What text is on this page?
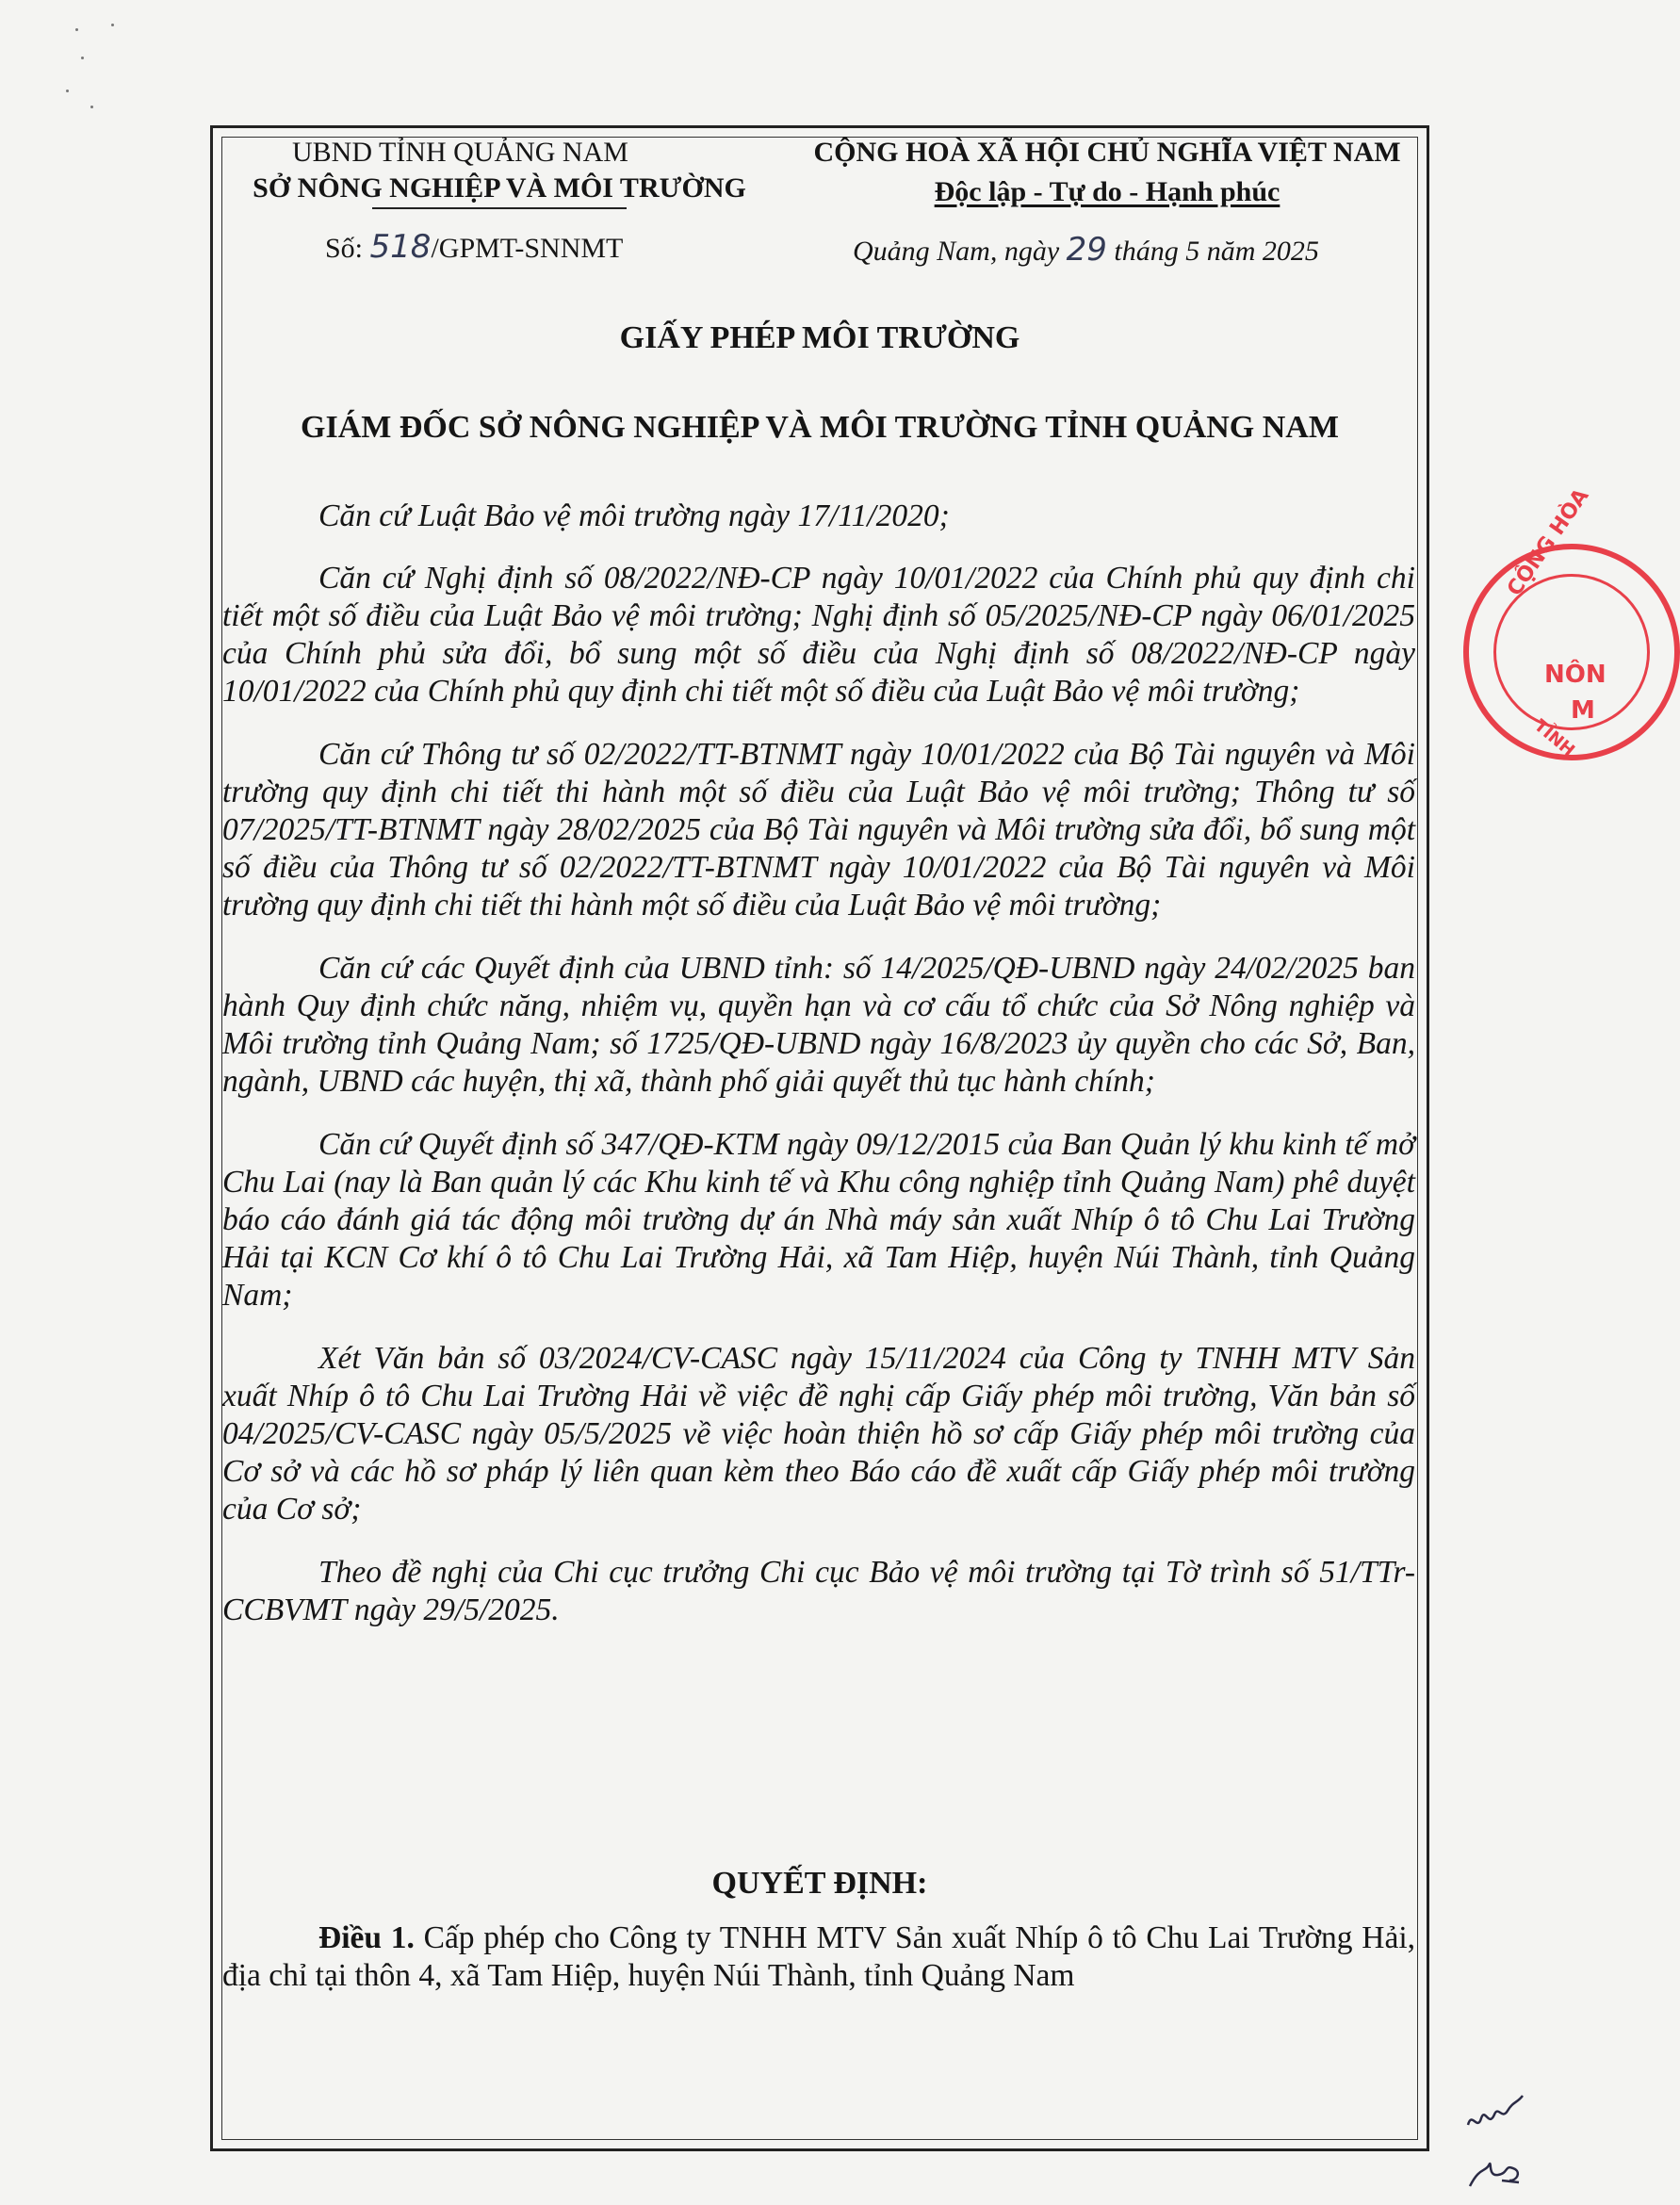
UBND TỈNH QUẢNG NAM
SỞ NÔNG NGHIỆP VÀ MÔI TRƯỜNG
Số: 518/GPMT-SNNMT
CỘNG HOÀ XÃ HỘI CHỦ NGHĨA VIỆT NAM
Độc lập - Tự do - Hạnh phúc
Quảng Nam, ngày 29 tháng 5 năm 2025
GIẤY PHÉP MÔI TRƯỜNG
GIÁM ĐỐC SỞ NÔNG NGHIỆP VÀ MÔI TRƯỜNG TỈNH QUẢNG NAM

Căn cứ Luật Bảo vệ môi trường ngày 17/11/2020;

Căn cứ Nghị định số 08/2022/NĐ-CP ngày 10/01/2022 của Chính phủ quy định chi tiết một số điều của Luật Bảo vệ môi trường; Nghị định số 05/2025/NĐ-CP ngày 06/01/2025 của Chính phủ sửa đổi, bổ sung một số điều của Nghị định số 08/2022/NĐ-CP ngày 10/01/2022 của Chính phủ quy định chi tiết một số điều của Luật Bảo vệ môi trường;

Căn cứ Thông tư số 02/2022/TT-BTNMT ngày 10/01/2022 của Bộ Tài nguyên và Môi trường quy định chi tiết thi hành một số điều của Luật Bảo vệ môi trường; Thông tư số 07/2025/TT-BTNMT ngày 28/02/2025 của Bộ Tài nguyên và Môi trường sửa đổi, bổ sung một số điều của Thông tư số 02/2022/TT-BTNMT ngày 10/01/2022 của Bộ Tài nguyên và Môi trường quy định chi tiết thi hành một số điều của Luật Bảo vệ môi trường;

Căn cứ các Quyết định của UBND tỉnh: số 14/2025/QĐ-UBND ngày 24/02/2025 ban hành Quy định chức năng, nhiệm vụ, quyền hạn và cơ cấu tổ chức của Sở Nông nghiệp và Môi trường tỉnh Quảng Nam; số 1725/QĐ-UBND ngày 16/8/2023 ủy quyền cho các Sở, Ban, ngành, UBND các huyện, thị xã, thành phố giải quyết thủ tục hành chính;

Căn cứ Quyết định số 347/QĐ-KTM ngày 09/12/2015 của Ban Quản lý khu kinh tế mở Chu Lai (nay là Ban quản lý các Khu kinh tế và Khu công nghiệp tỉnh Quảng Nam) phê duyệt báo cáo đánh giá tác động môi trường dự án Nhà máy sản xuất Nhíp ô tô Chu Lai Trường Hải tại KCN Cơ khí ô tô Chu Lai Trường Hải, xã Tam Hiệp, huyện Núi Thành, tỉnh Quảng Nam;

Xét Văn bản số 03/2024/CV-CASC ngày 15/11/2024 của Công ty TNHH MTV Sản xuất Nhíp ô tô Chu Lai Trường Hải về việc đề nghị cấp Giấy phép môi trường, Văn bản số 04/2025/CV-CASC ngày 05/5/2025 về việc hoàn thiện hồ sơ cấp Giấy phép môi trường của Cơ sở và các hồ sơ pháp lý liên quan kèm theo Báo cáo đề xuất cấp Giấy phép môi trường của Cơ sở;

Theo đề nghị của Chi cục trưởng Chi cục Bảo vệ môi trường tại Tờ trình số 51/TTr-CCBVMT ngày 29/5/2025.

QUYẾT ĐỊNH:

Điều 1. Cấp phép cho Công ty TNHH MTV Sản xuất Nhíp ô tô Chu Lai Trường Hải, địa chỉ tại thôn 4, xã Tam Hiệp, huyện Núi Thành, tỉnh Quảng Nam

CỘNG HÒA
NÔN
M
TỈNH
